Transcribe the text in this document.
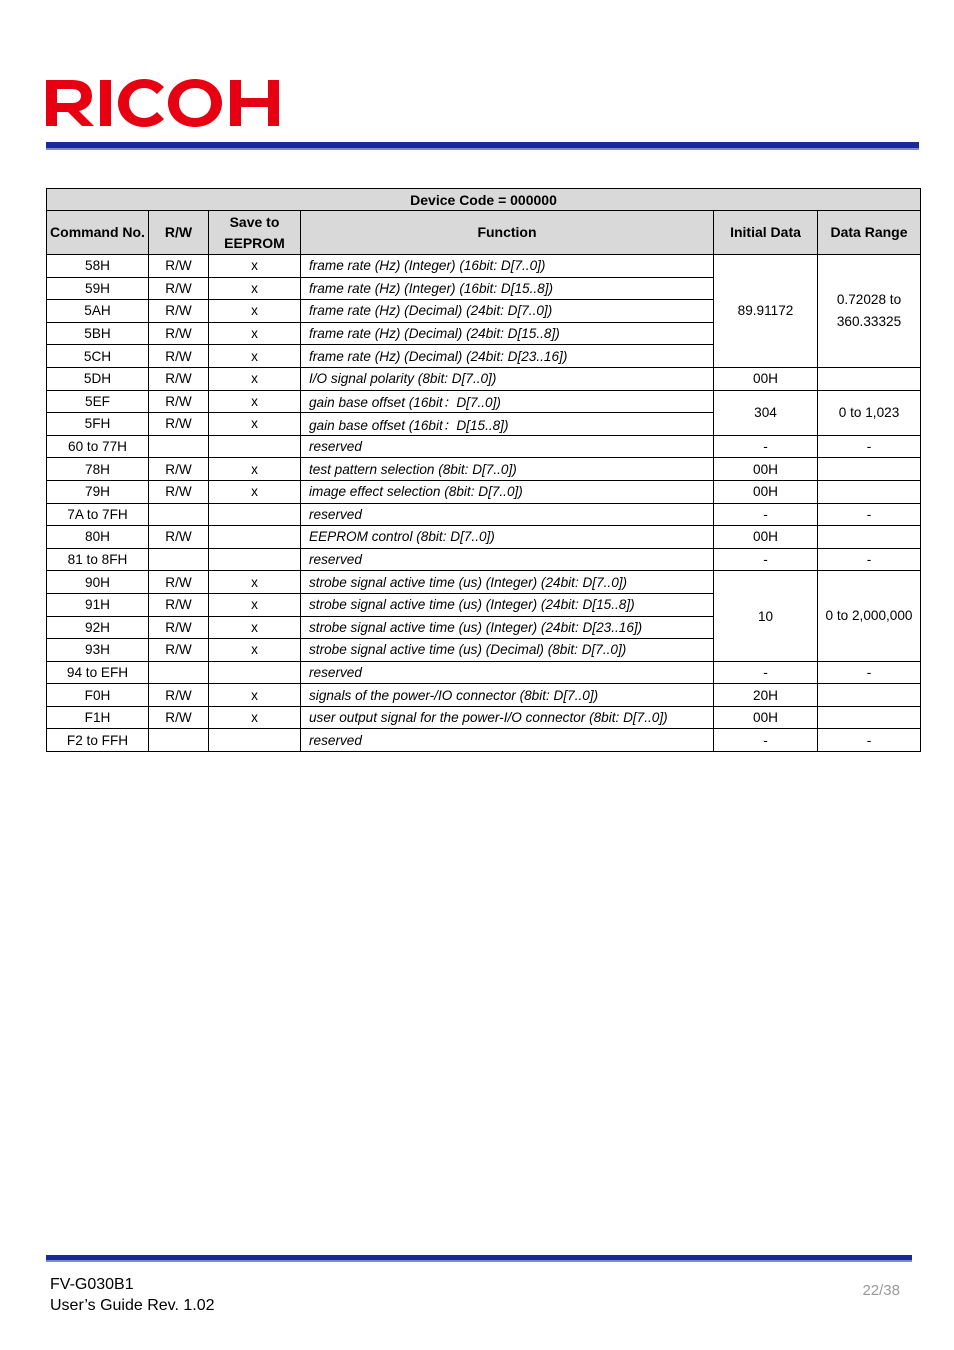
Device Code = 000000					
Command No.	R/W	Save to EEPROM	Function	Initial Data	Data Range
58H	R/W	x	frame rate (Hz) (Integer) (16bit: D[7..0])	89.91172	0.72028 to 360.33325
59H	R/W	x	frame rate (Hz) (Integer) (16bit: D[15..8])		
5AH	R/W	x	frame rate (Hz) (Decimal) (24bit: D[7..0])		
5BH	R/W	x	frame rate (Hz) (Decimal) (24bit: D[15..8])		
5CH	R/W	x	frame rate (Hz) (Decimal) (24bit: D[23..16])		
5DH	R/W	x	I/O signal polarity (8bit: D[7..0])	00H	
5EF	R/W	x	gain base offset (16bit：D[7..0])	304	0 to 1,023
5FH	R/W	x	gain base offset (16bit：D[15..8])		
60 to 77H			reserved	-	-
78H	R/W	x	test pattern selection (8bit: D[7..0])	00H	
79H	R/W	x	image effect selection (8bit: D[7..0])	00H	
7A to 7FH			reserved	-	-
80H	R/W		EEPROM control (8bit: D[7..0])	00H	
81 to 8FH			reserved	-	-
90H	R/W	x	strobe signal active time (us) (Integer) (24bit: D[7..0])	10	0 to 2,000,000
91H	R/W	x	strobe signal active time (us) (Integer) (24bit: D[15..8])		
92H	R/W	x	strobe signal active time (us) (Integer) (24bit: D[23..16])		
93H	R/W	x	strobe signal active time (us) (Decimal) (8bit: D[7..0])		
94 to EFH			reserved	-	-
F0H	R/W	x	signals of the power-/IO connector (8bit: D[7..0])	20H	
F1H	R/W	x	user output signal for the power-I/O connector (8bit: D[7..0])	00H	
F2 to FFH			reserved	-	-
FV-G030B1
User’s Guide Rev. 1.02
22/38
